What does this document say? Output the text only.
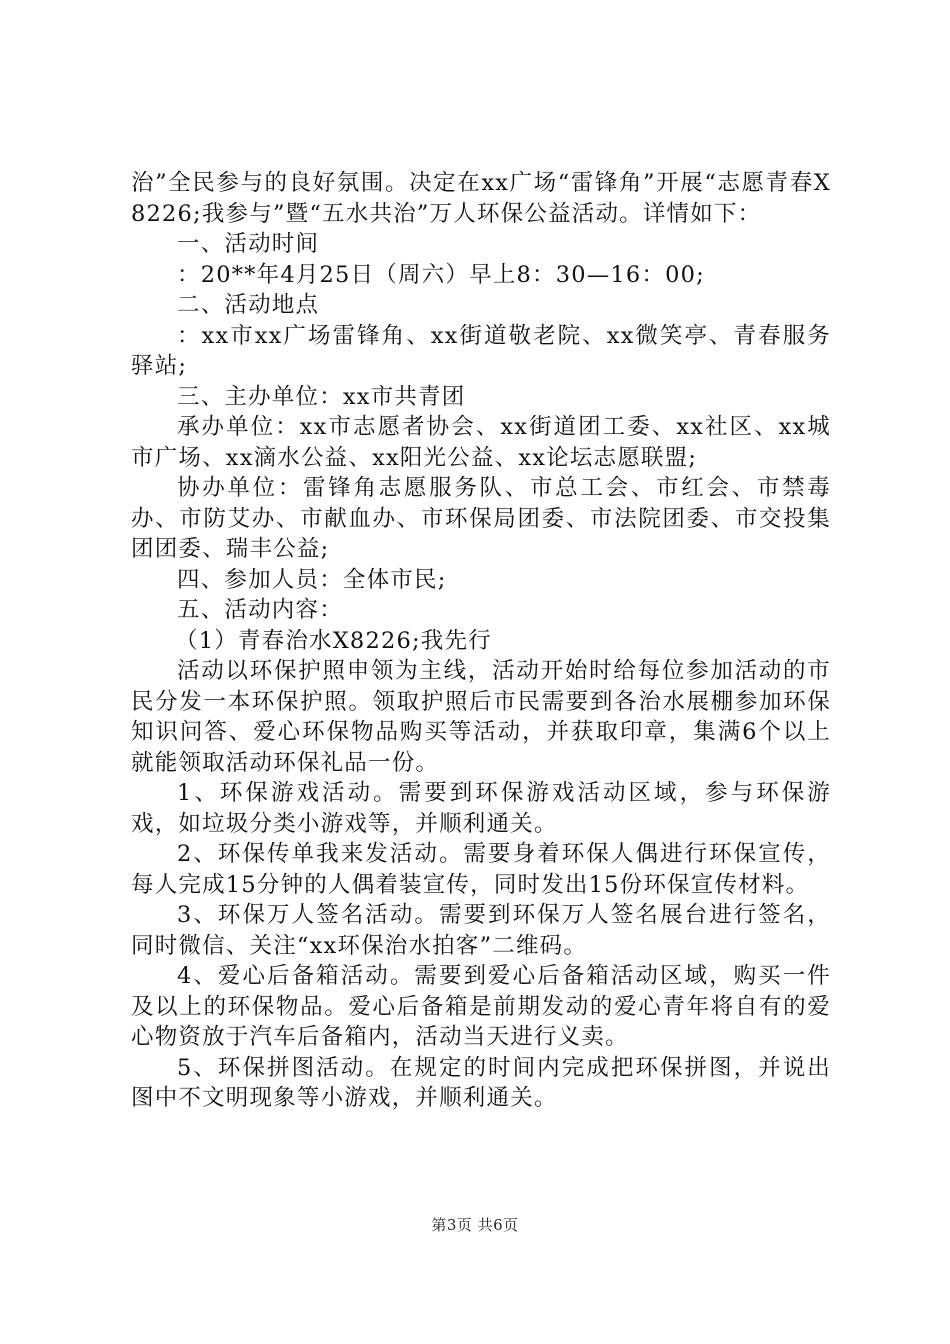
治”全民参与的良好氛围。决定在xx广场“雷锋角”开展“志愿青春X8226;我参与”暨“五水共治”万人环保公益活动。详情如下：

一、活动时间

：20**年4月25日（周六）早上8：30—16：00;

二、活动地点

：xx市xx广场雷锋角、xx街道敬老院、xx微笑亭、青春服务驿站;

三、主办单位：xx市共青团

承办单位：xx市志愿者协会、xx街道团工委、xx社区、xx城市广场、xx滴水公益、xx阳光公益、xx论坛志愿联盟;

协办单位：雷锋角志愿服务队、市总工会、市红会、市禁毒办、市防艾办、市献血办、市环保局团委、市法院团委、市交投集团团委、瑞丰公益;

四、参加人员：全体市民;

五、活动内容：

（1）青春治水X8226;我先行

活动以环保护照申领为主线，活动开始时给每位参加活动的市民分发一本环保护照。领取护照后市民需要到各治水展棚参加环保知识问答、爱心环保物品购买等活动，并获取印章，集满6个以上就能领取活动环保礼品一份。

1、环保游戏活动。需要到环保游戏活动区域，参与环保游戏，如垃圾分类小游戏等，并顺利通关。

2、环保传单我来发活动。需要身着环保人偶进行环保宣传，每人完成15分钟的人偶着装宣传，同时发出15份环保宣传材料。

3、环保万人签名活动。需要到环保万人签名展台进行签名，同时微信、关注“xx环保治水拍客”二维码。

4、爱心后备箱活动。需要到爱心后备箱活动区域，购买一件及以上的环保物品。爱心后备箱是前期发动的爱心青年将自有的爱心物资放于汽车后备箱内，活动当天进行义卖。

5、环保拼图活动。在规定的时间内完成把环保拼图，并说出图中不文明现象等小游戏，并顺利通关。

第3页 共6页
